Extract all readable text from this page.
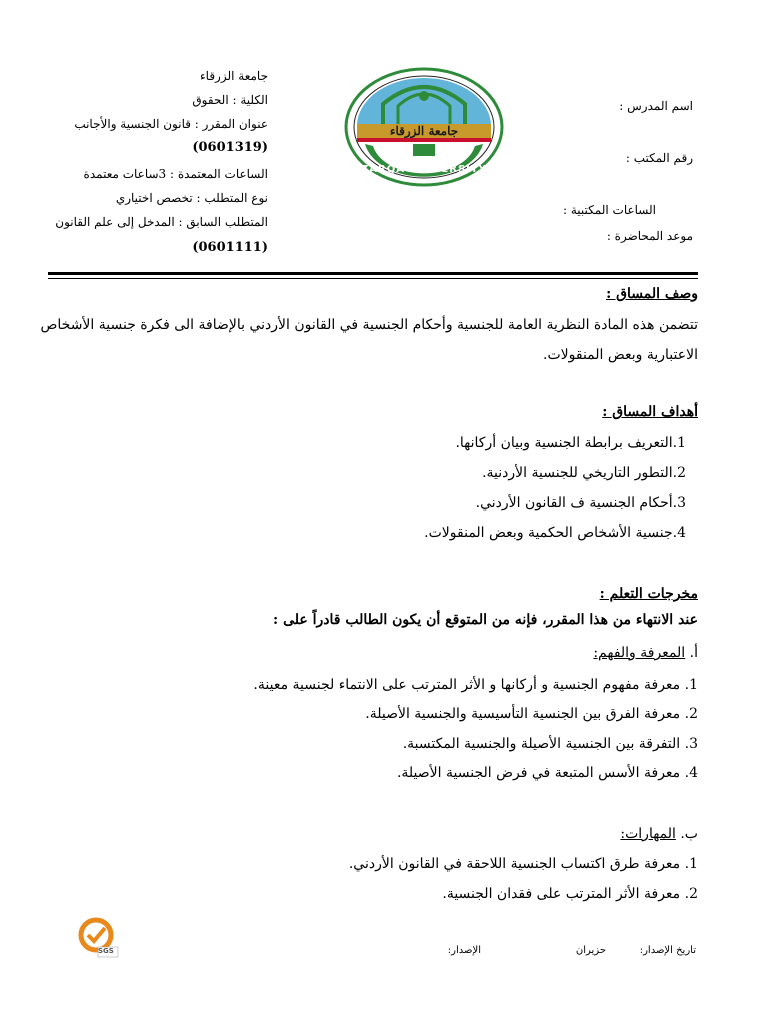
جامعة الزرقاء
الكلية : الحقوق
عنوان المقرر : قانون الجنسية والأجانب
(0601319)
الساعات المعتمدة : 3ساعات معتمدة
نوع المتطلب : تخصص اختياري
المتطلب السابق : المدخل إلى علم القانون
(0601111)
اسم المدرس :
رقم المكتب :
الساعات المكتبية :
موعد المحاضرة :
جامعة الزرقاء
ZARQA UNIVERSITY
وصف المساق :
تتضمن هذه المادة النظرية العامة للجنسية وأحكام الجنسية في القانون الأردني بالإضافة الى فكرة جنسية الأشخاص
الاعتبارية وبعض المنقولات.
أهداف المساق :
1.التعريف برابطة الجنسية وبيان أركانها.
2.التطور التاريخي للجنسية الأردنية.
3.أحكام الجنسية ف القانون الأردني.
4.جنسية الأشخاص الحكمية وبعض المنقولات.
مخرجات التعلم :
عند الانتهاء من هذا المقرر، فإنه من المتوقع أن يكون الطالب قادراً على :
أ. المعرفة والفهم:
1. معرفة مفهوم الجنسية و أركانها و الأثر المترتب على الانتماء لجنسية معينة.
2. معرفة الفرق بين الجنسية التأسيسية والجنسية الأصيلة.
3. التفرقة بين الجنسية الأصيلة والجنسية المكتسبة.
4. معرفة الأسس المتبعة في فرض الجنسية الأصيلة.
ب. المهارات:
1. معرفة طرق اكتساب الجنسية اللاحقة في القانون الأردني.
2. معرفة الأثر المترتب على فقدان الجنسية.
SGS	تاريخ الإصدار:
حزيران
الإصدار:
